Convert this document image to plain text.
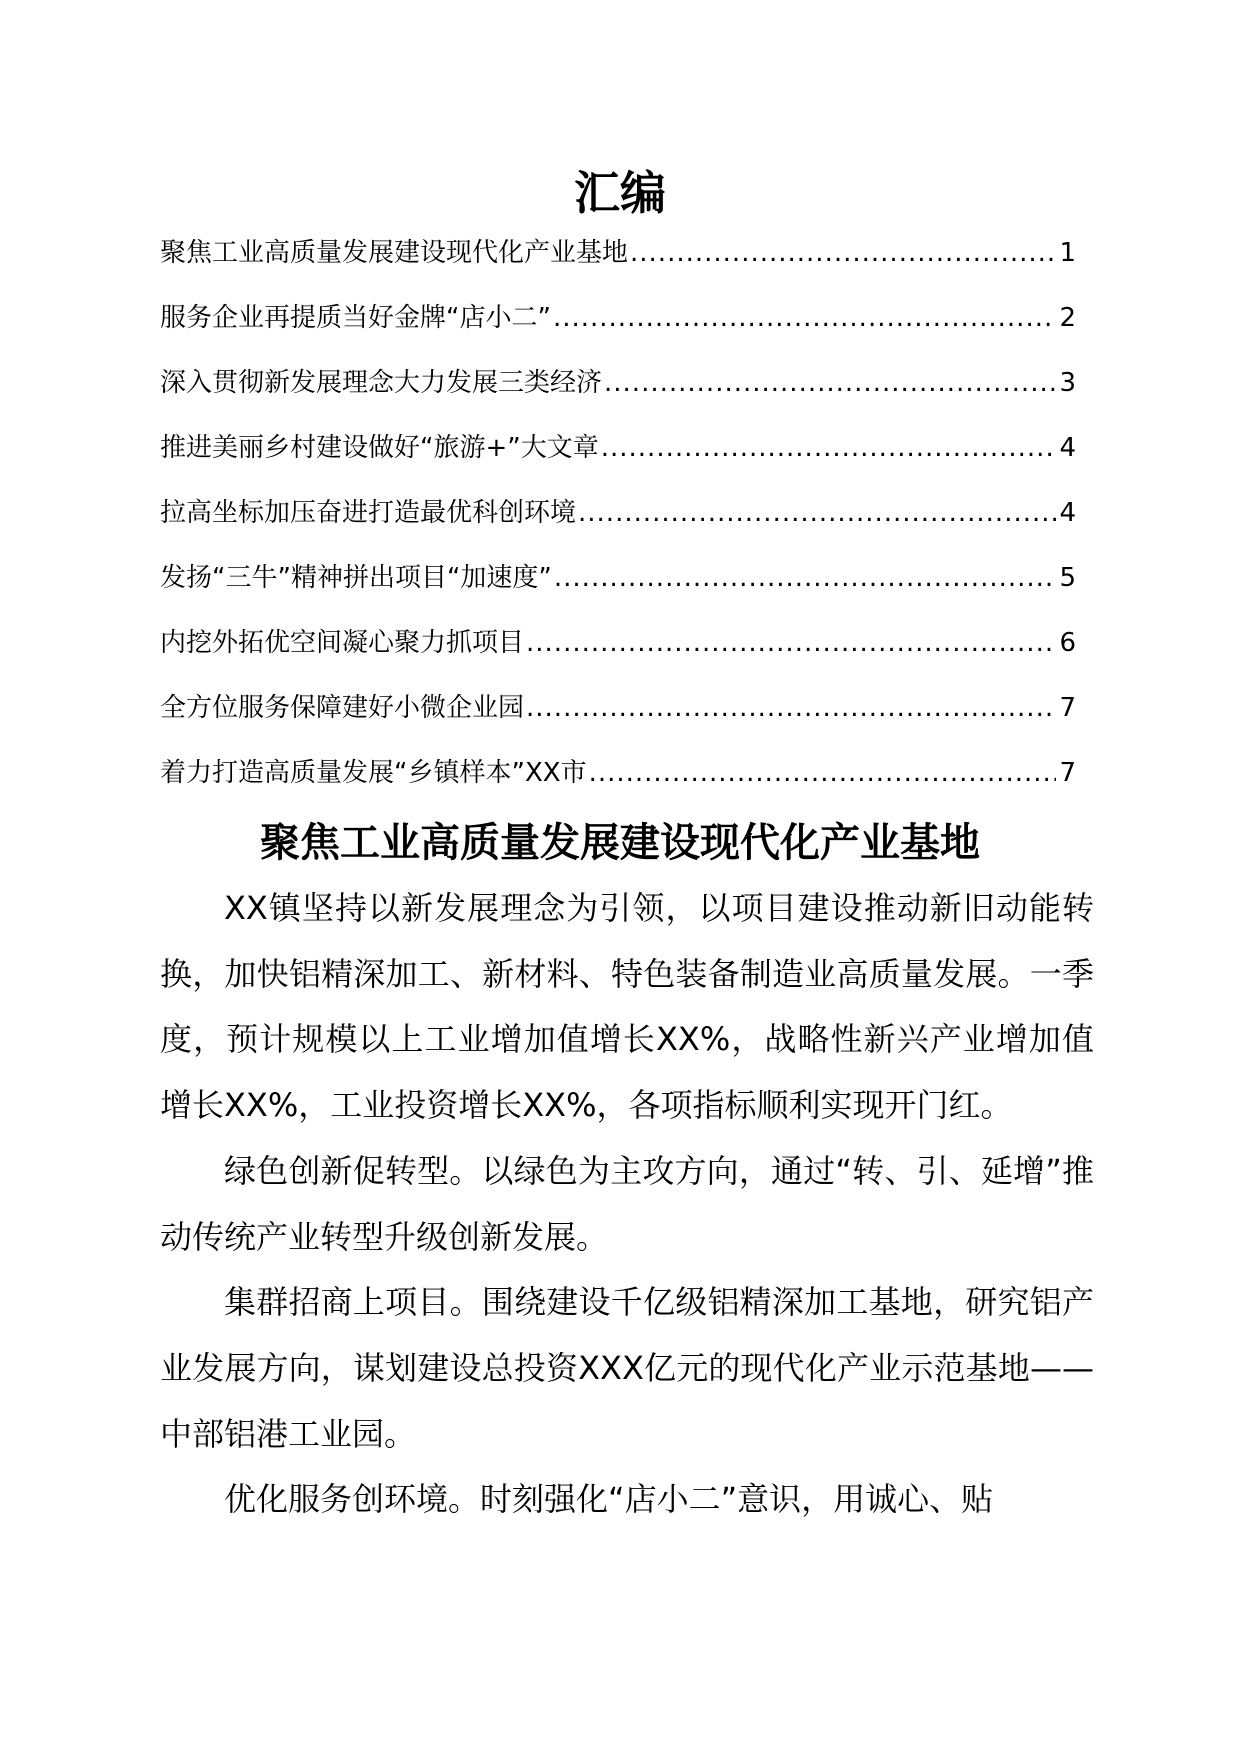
汇编
聚焦工业高质量发展建设现代化产业基地 .....	1
服务企业再提质当好金牌“店小二” .....	2
深入贯彻新发展理念大力发展三类经济 .....	3
推进美丽乡村建设做好“旅游+”大文章 .....	4
拉高坐标加压奋进打造最优科创环境 .....	4
发扬“三牛”精神拼出项目“加速度” .....	5
内挖外拓优空间凝心聚力抓项目 .....	6
全方位服务保障建好小微企业园 .....	7
着力打造高质量发展“乡镇样本”XX市 .....	7
聚焦工业高质量发展建设现代化产业基地

XX镇坚持以新发展理念为引领，以项目建设推动新旧动能转换，加快铝精深加工、新材料、特色装备制造业高质量发展。一季度，预计规模以上工业增加值增长XX%，战略性新兴产业增加值增长XX%，工业投资增长XX%，各项指标顺利实现开门红。

绿色创新促转型。以绿色为主攻方向，通过“转、引、延增”推动传统产业转型升级创新发展。

集群招商上项目。围绕建设千亿级铝精深加工基地，研究铝产业发展方向，谋划建设总投资XXX亿元的现代化产业示范基地——中部铝港工业园。

优化服务创环境。时刻强化“店小二”意识，用诚心、贴
